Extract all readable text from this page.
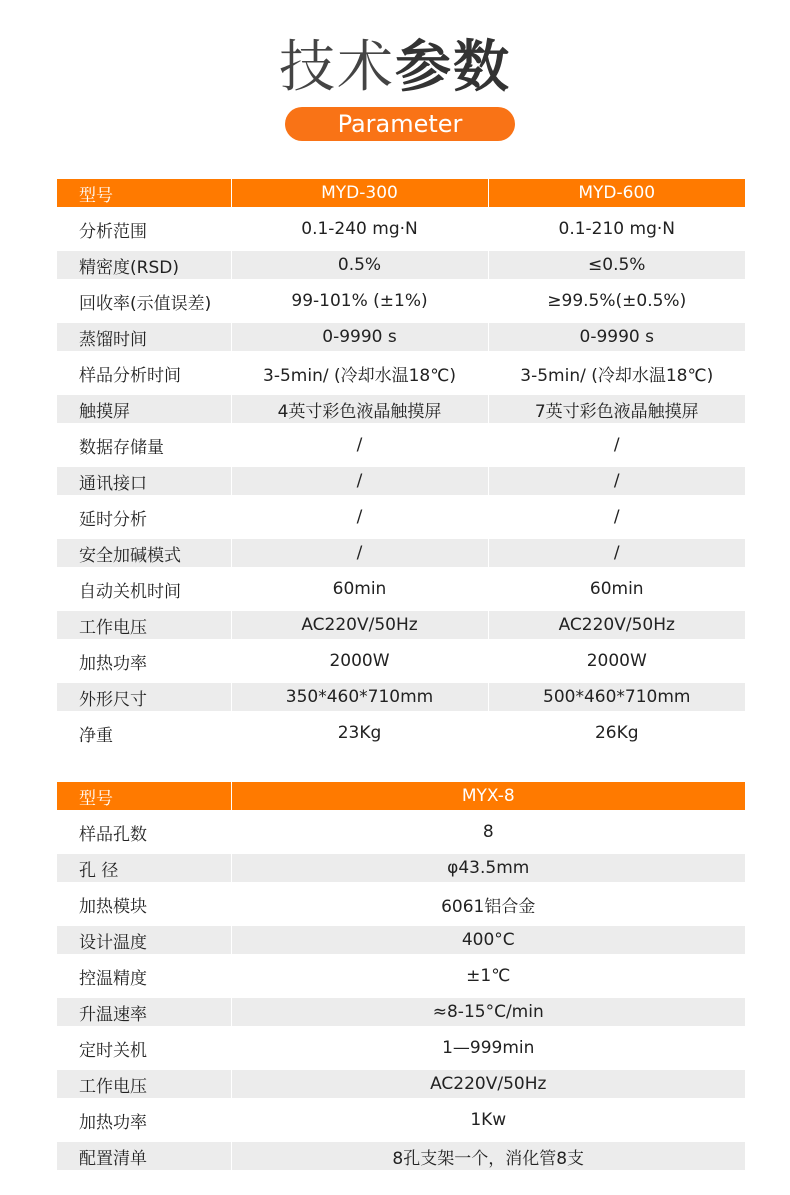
技术参数
Parameter
型号	MYD-300	MYD-600
分析范围	0.1-240 mg·N	0.1-210 mg·N
精密度(RSD)	0.5%	≤0.5%
回收率(示值误差)	99-101% (±1%)	≥99.5%(±0.5%)
蒸馏时间	0-9990 s	0-9990 s
样品分析时间	3-5min/ (冷却水温18℃)	3-5min/ (冷却水温18℃)
触摸屏	4英寸彩色液晶触摸屏	7英寸彩色液晶触摸屏
数据存储量	/	/
通讯接口	/	/
延时分析	/	/
安全加碱模式	/	/
自动关机时间	60min	60min
工作电压	AC220V/50Hz	AC220V/50Hz
加热功率	2000W	2000W
外形尺寸	350*460*710mm	500*460*710mm
净重	23Kg	26Kg
型号	MYX-8
样品孔数	8
孔 径	φ43.5mm
加热模块	6061铝合金
设计温度	400°C
控温精度	±1℃
升温速率	≈8-15°C/min
定时关机	1—999min
工作电压	AC220V/50Hz
加热功率	1Kw
配置清单	8孔支架一个，消化管8支
